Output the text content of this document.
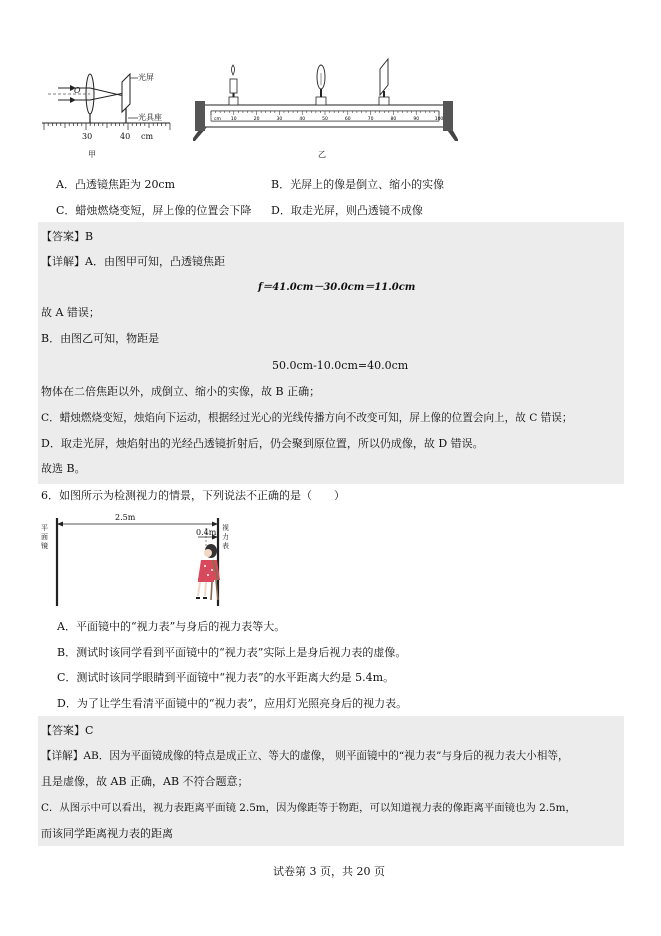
光屏
光具座
O
30	40 cm
甲
10	20	30	40	50	60	70	80	90	100
cm
乙
A．凸透镜焦距为 20cm	B．光屏上的像是倒立、缩小的实像
C．蜡烛燃烧变短，屏上像的位置会下降 D．取走光屏，则凸透镜不成像
【答案】B
【详解】A．由图甲可知，凸透镜焦距
f＝41.0cm－30.0cm＝11.0cm
故 A 错误；
B．由图乙可知，物距是
50.0cm-10.0cm=40.0cm
物体在二倍焦距以外，成倒立、缩小的实像，故 B 正确；
C．蜡烛燃烧变短，烛焰向下运动，根据经过光心的光线传播方向不改变可知，屏上像的位置会向上，故 C 错误；
D．取走光屏，烛焰射出的光经凸透镜折射后，仍会聚到原位置，所以仍成像，故 D 错误。
故选 B。
6．如图所示为检测视力的情景，下列说法不正确的是（　　）
2.5m
0.4m
平面镜
视力表
A．平面镜中的“视力表”与身后的视力表等大。
B．测试时该同学看到平面镜中的“视力表”实际上是身后视力表的虚像。
C．测试时该同学眼睛到平面镜中“视力表”的水平距离大约是 5.4m。
D．为了让学生看清平面镜中的“视力表”，应用灯光照亮身后的视力表。
【答案】C
【详解】AB．因为平面镜成像的特点是成正立、等大的虚像， 则平面镜中的“视力表”与身后的视力表大小相等，
且是虚像，故 AB 正确，AB 不符合题意；
C．从图示中可以看出，视力表距离平面镜 2.5m，因为像距等于物距，可以知道视力表的像距离平面镜也为 2.5m，
而该同学距离视力表的距离
试卷第 3 页，共 20 页
